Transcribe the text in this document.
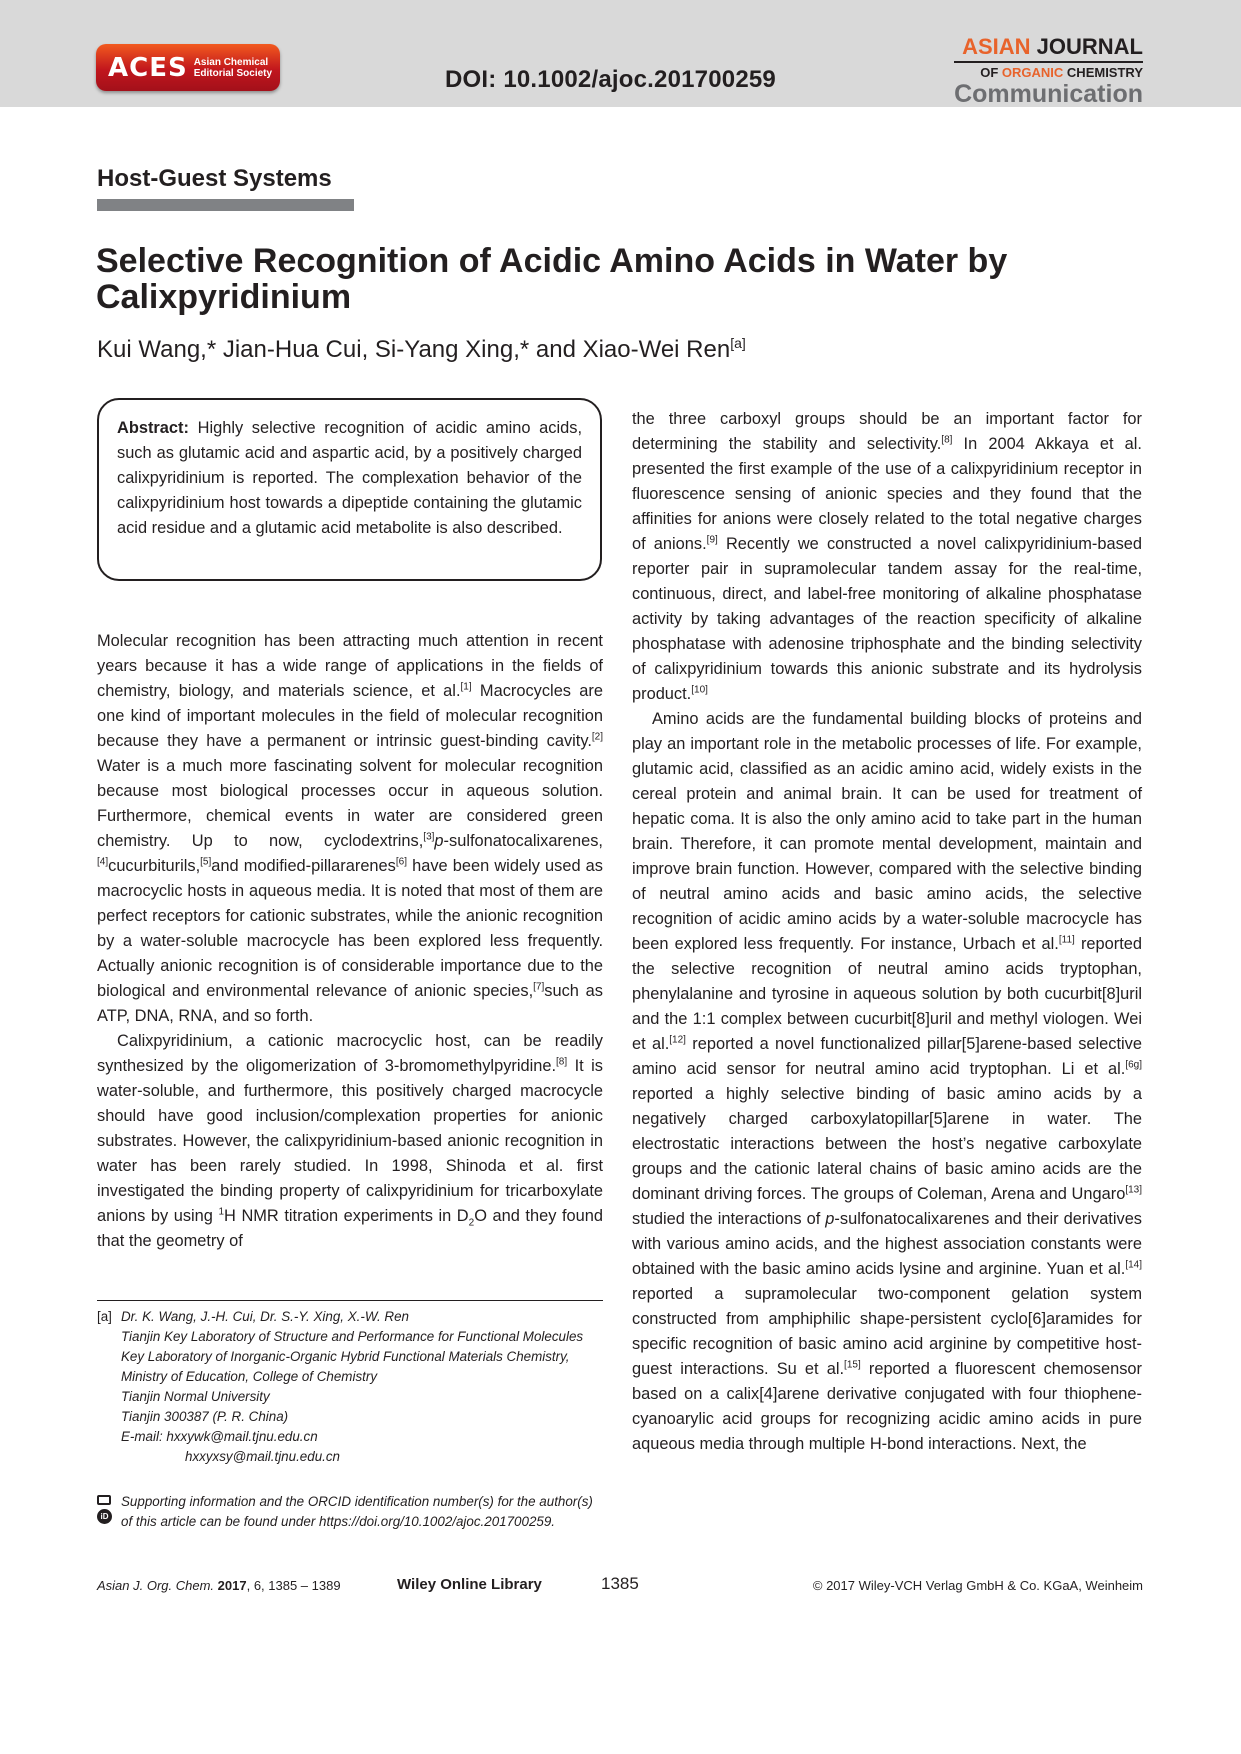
ACES Asian Chemical
Editorial Society	DOI: 10.1002/ajoc.201700259
ASIAN JOURNAL
OF ORGANIC CHEMISTRY
Communication
Host-Guest Systems
Selective Recognition of Acidic Amino Acids in Water by Calixpyridinium
Kui Wang,* Jian-Hua Cui, Si-Yang Xing,* and Xiao-Wei Ren[a]
Abstract: Highly selective recognition of acidic amino acids, such as glutamic acid and aspartic acid, by a positively charged calixpyridinium is reported. The complexation behavior of the calixpyridinium host towards a dipeptide containing the glutamic acid residue and a glutamic acid metabolite is also described.

Molecular recognition has been attracting much attention in recent years because it has a wide range of applications in the fields of chemistry, biology, and materials science, et al.[1] Macrocycles are one kind of important molecules in the field of molecular recognition because they have a permanent or intrinsic guest-binding cavity.[2] Water is a much more fascinating solvent for molecular recognition because most biological processes occur in aqueous solution. Furthermore, chemical events in water are considered green chemistry. Up to now, cyclodextrins,[3]p-sulfonatocalixarenes,[4]cucurbiturils,[5]and modified-pillararenes[6] have been widely used as macrocyclic hosts in aqueous media. It is noted that most of them are perfect receptors for cationic substrates, while the anionic recognition by a water-soluble macrocycle has been explored less frequently. Actually anionic recognition is of considerable importance due to the biological and environmental relevance of anionic species,[7]such as ATP, DNA, RNA, and so forth.

Calixpyridinium, a cationic macrocyclic host, can be readily synthesized by the oligomerization of 3-bromomethylpyridine.[8] It is water-soluble, and furthermore, this positively charged macrocycle should have good inclusion/complexation properties for anionic substrates. However, the calixpyridinium-based anionic recognition in water has been rarely studied. In 1998, Shinoda et al. first investigated the binding property of calixpyridinium for tricarboxylate anions by using $^1$H NMR titration experiments in $D_2O$ and they found that the geometry of

the three carboxyl groups should be an important factor for determining the stability and selectivity.[8] In 2004 Akkaya et al. presented the first example of the use of a calixpyridinium receptor in fluorescence sensing of anionic species and they found that the affinities for anions were closely related to the total negative charges of anions.[9] Recently we constructed a novel calixpyridinium-based reporter pair in supramolecular tandem assay for the real-time, continuous, direct, and label-free monitoring of alkaline phosphatase activity by taking advantages of the reaction specificity of alkaline phosphatase with adenosine triphosphate and the binding selectivity of calixpyridinium towards this anionic substrate and its hydrolysis product.[10]

Amino acids are the fundamental building blocks of proteins and play an important role in the metabolic processes of life. For example, glutamic acid, classified as an acidic amino acid, widely exists in the cereal protein and animal brain. It can be used for treatment of hepatic coma. It is also the only amino acid to take part in the human brain. Therefore, it can promote mental development, maintain and improve brain function. However, compared with the selective binding of neutral amino acids and basic amino acids, the selective recognition of acidic amino acids by a water-soluble macrocycle has been explored less frequently. For instance, Urbach et al.[11] reported the selective recognition of neutral amino acids tryptophan, phenylalanine and tyrosine in aqueous solution by both cucurbit[8]uril and the 1:1 complex between cucurbit[8]uril and methyl viologen. Wei et al.[12] reported a novel functionalized pillar[5]arene-based selective amino acid sensor for neutral amino acid tryptophan. Li et al.[6g] reported a highly selective binding of basic amino acids by a negatively charged carboxylatopillar[5]arene in water. The electrostatic interactions between the host’s negative carboxylate groups and the cationic lateral chains of basic amino acids are the dominant driving forces. The groups of Coleman, Arena and Ungaro[13] studied the interactions of p-sulfonatocalixarenes and their derivatives with various amino acids, and the highest association constants were obtained with the basic amino acids lysine and arginine. Yuan et al.[14] reported a supramolecular two-component gelation system constructed from amphiphilic shape-persistent cyclo[6]aramides for specific recognition of basic amino acid arginine by competitive host-guest interactions. Su et al.[15] reported a fluorescent chemosensor based on a calix[4]arene derivative conjugated with four thiophene-cyanoarylic acid groups for recognizing acidic amino acids in pure aqueous media through multiple H-bond interactions. Next, the

[a] Dr. K. Wang, J.-H. Cui, Dr. S.-Y. Xing, X.-W. Ren
Tianjin Key Laboratory of Structure and Performance for Functional Molecules
Key Laboratory of Inorganic-Organic Hybrid Functional Materials Chemistry, Ministry of Education, College of Chemistry
Tianjin Normal University
Tianjin 300387 (P. R. China)
E-mail: hxxywk@mail.tjnu.edu.cn
hxxyxsy@mail.tjnu.edu.cn
iD
Supporting information and the ORCID identification number(s) for the author(s) of this article can be found under https://doi.org/10.1002/ajoc.201700259.
Asian J. Org. Chem. 2017, 6, 1385 – 1389	Wiley Online Library	1385	© 2017 Wiley-VCH Verlag GmbH & Co. KGaA, Weinheim
